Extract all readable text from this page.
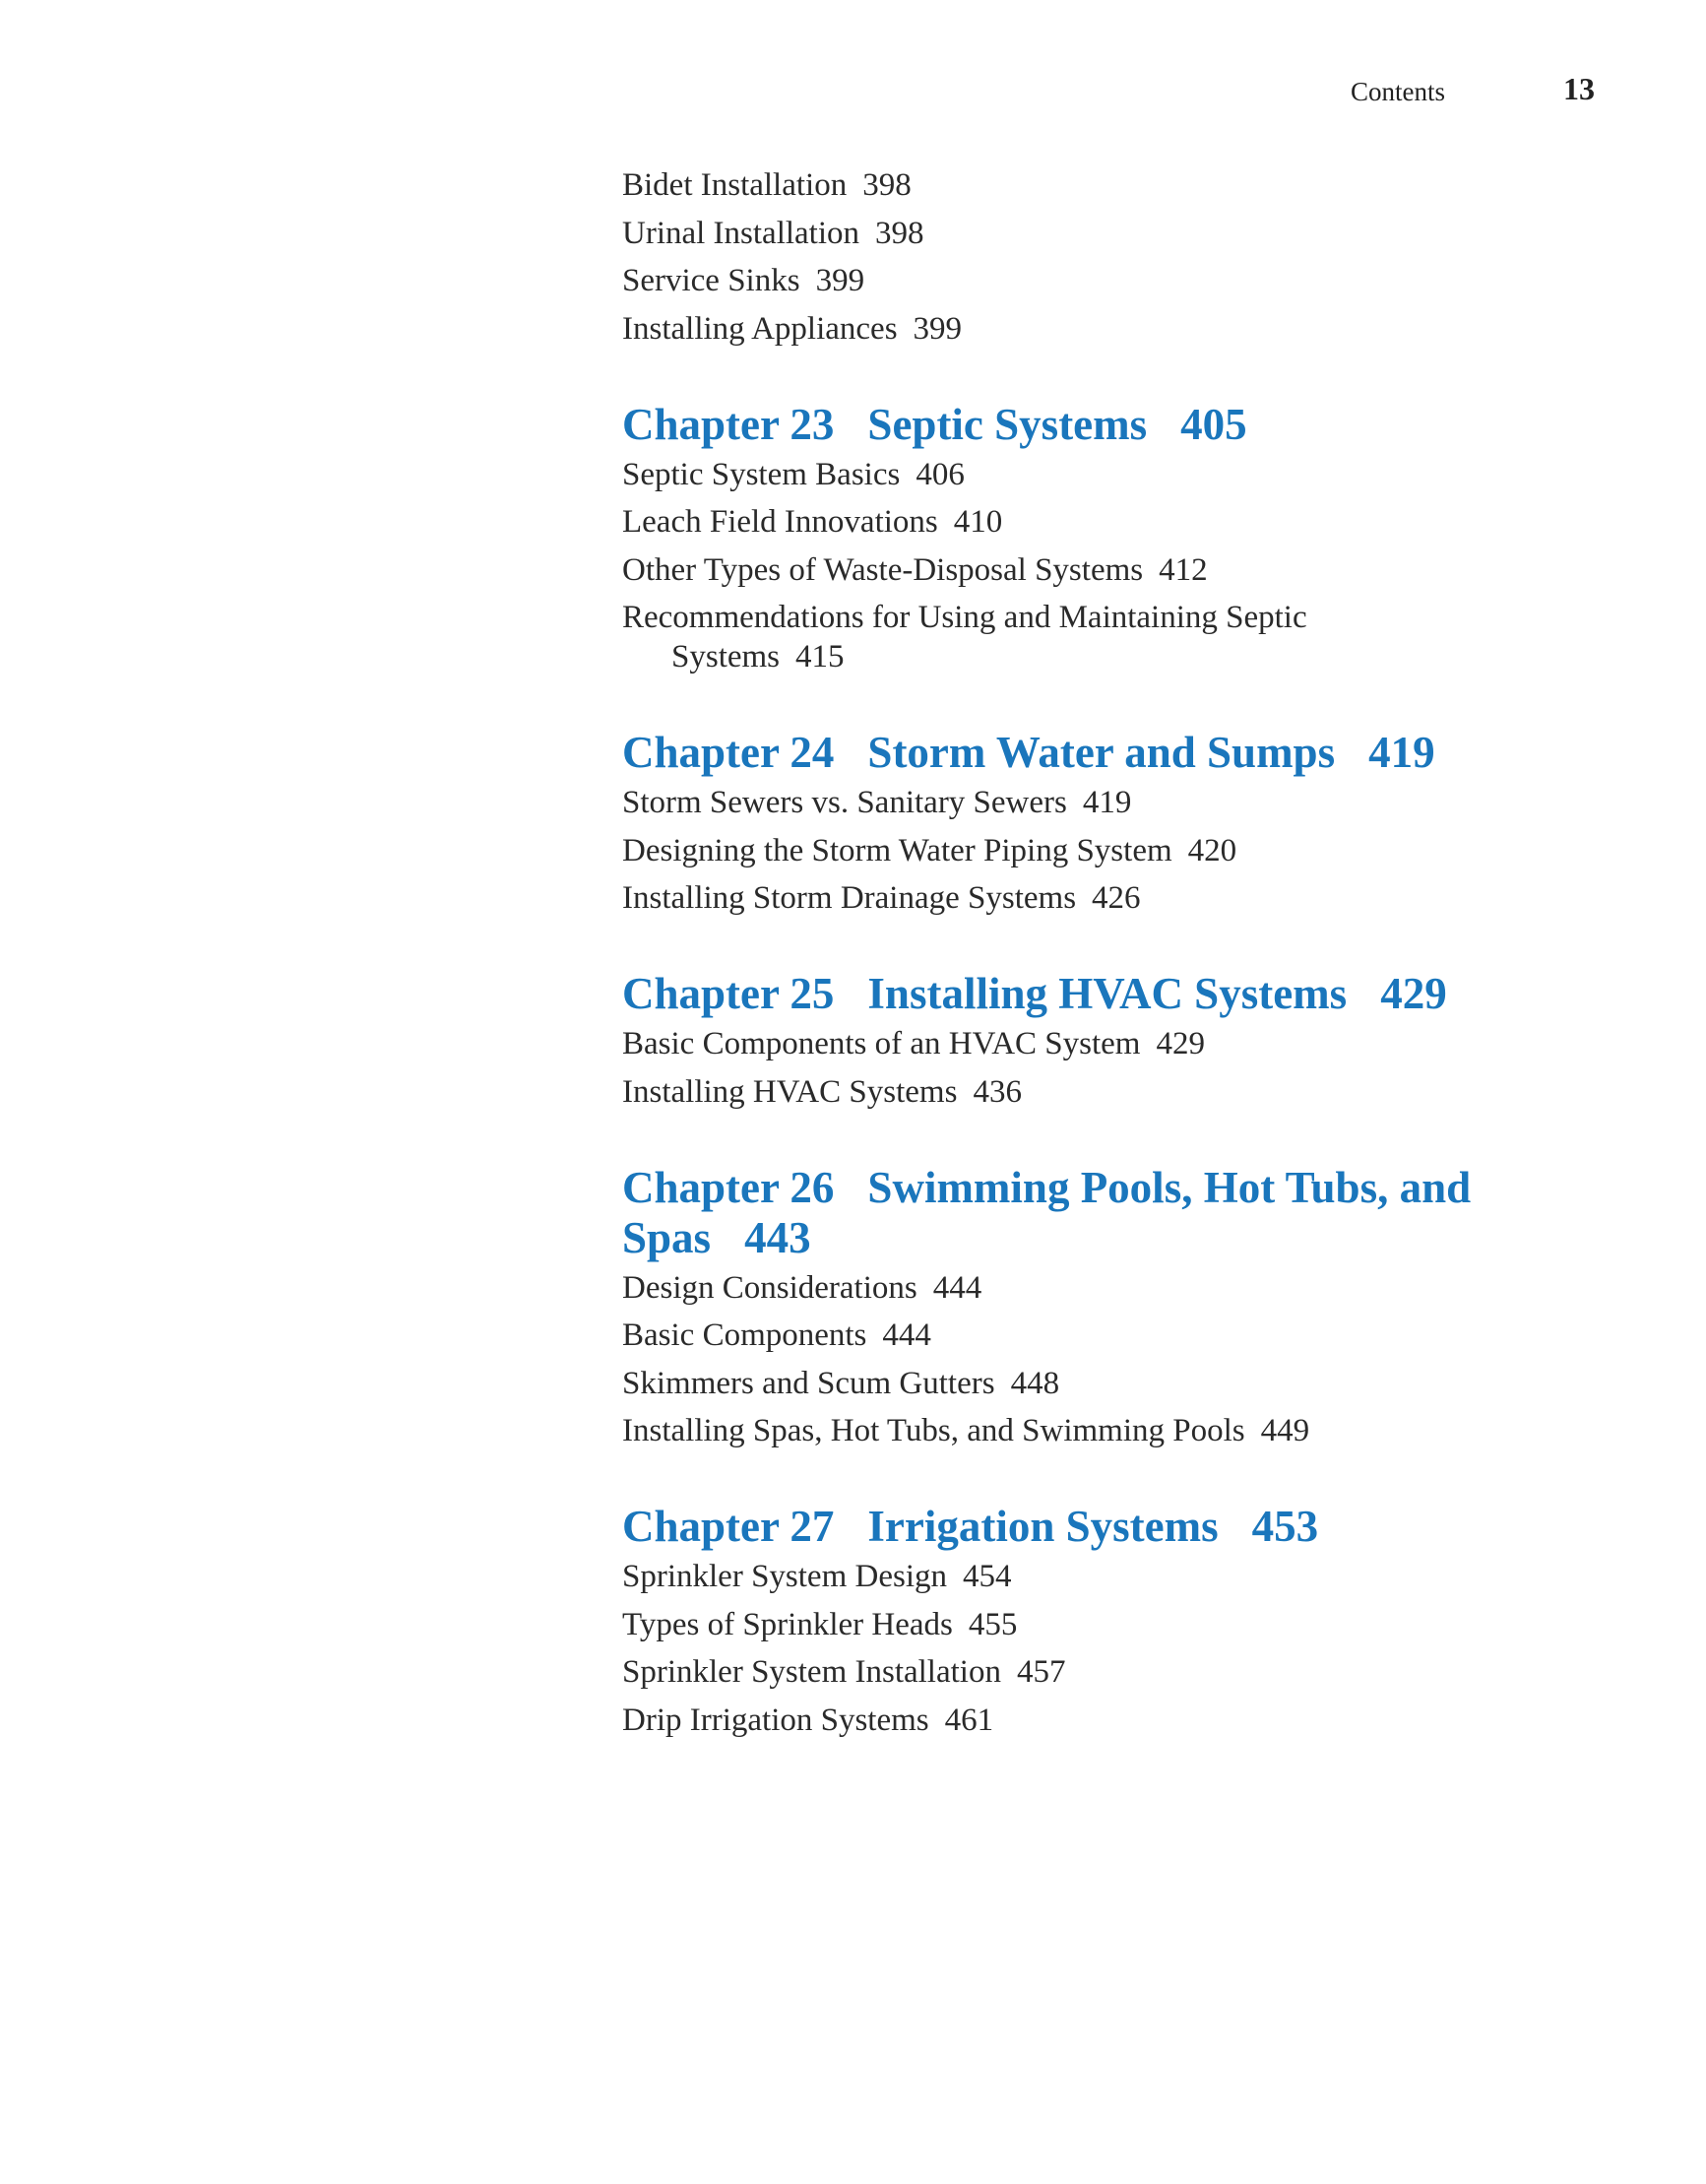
Contents	13
Bidet Installation 398
Urinal Installation 398
Service Sinks 399
Installing Appliances 399
Chapter 23 Septic Systems 405
Septic System Basics 406
Leach Field Innovations 410
Other Types of Waste-Disposal Systems 412
Recommendations for Using and Maintaining Septic
Systems 415
Chapter 24 Storm Water and Sumps 419
Storm Sewers vs. Sanitary Sewers 419
Designing the Storm Water Piping System 420
Installing Storm Drainage Systems 426
Chapter 25 Installing HVAC Systems 429
Basic Components of an HVAC System 429
Installing HVAC Systems 436
Chapter 26 Swimming Pools, Hot Tubs, and Spas 443
Design Considerations 444
Basic Components 444
Skimmers and Scum Gutters 448
Installing Spas, Hot Tubs, and Swimming Pools 449
Chapter 27 Irrigation Systems 453
Sprinkler System Design 454
Types of Sprinkler Heads 455
Sprinkler System Installation 457
Drip Irrigation Systems 461
